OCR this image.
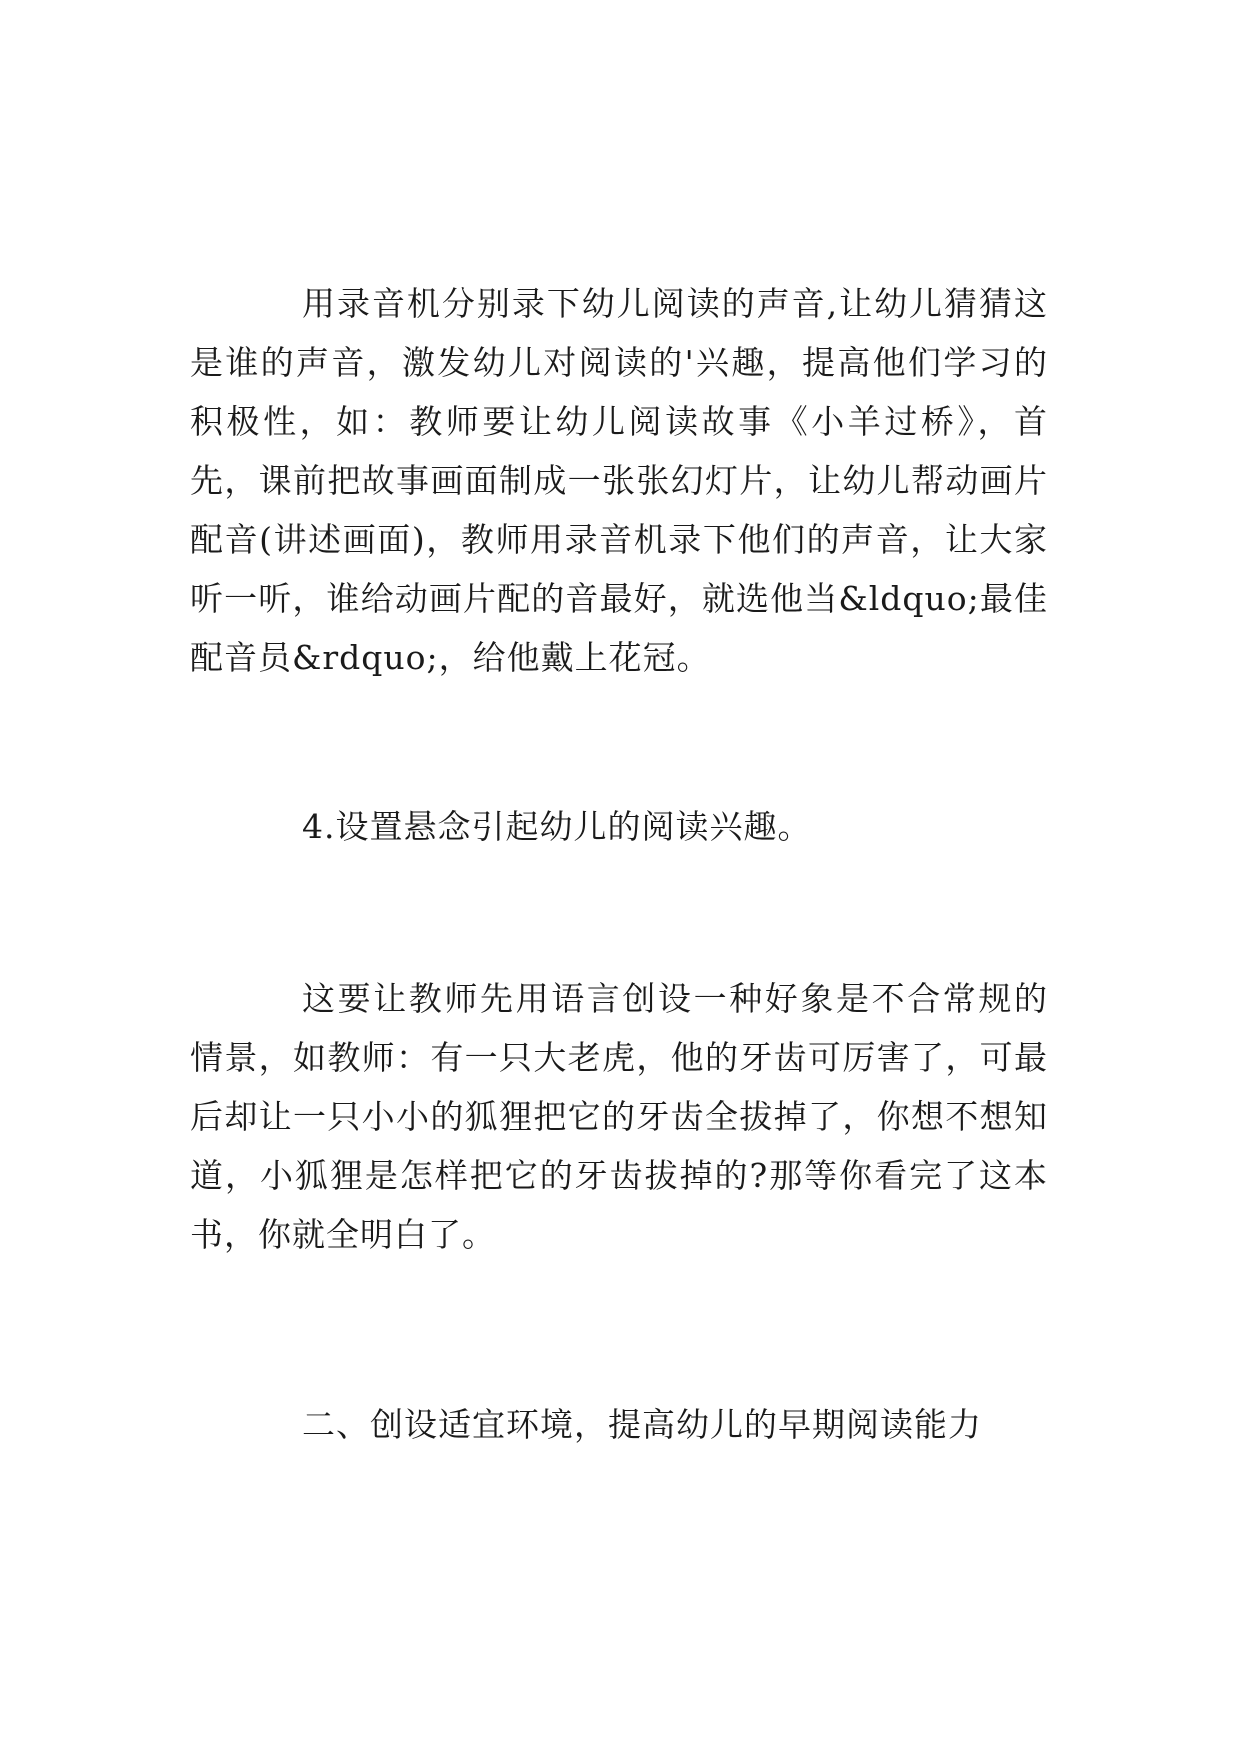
用录音机分别录下幼儿阅读的声音,让幼儿猜猜这是谁的声音，激发幼儿对阅读的'兴趣，提高他们学习的积极性，如：教师要让幼儿阅读故事《小羊过桥》，首先，课前把故事画面制成一张张幻灯片，让幼儿帮动画片配音(讲述画面)，教师用录音机录下他们的声音，让大家听一听，谁给动画片配的音最好，就选他当&ldquo;最佳配音员&rdquo;，给他戴上花冠。

4.设置悬念引起幼儿的阅读兴趣。

这要让教师先用语言创设一种好象是不合常规的情景，如教师：有一只大老虎，他的牙齿可厉害了，可最后却让一只小小的狐狸把它的牙齿全拔掉了，你想不想知道，小狐狸是怎样把它的牙齿拔掉的?那等你看完了这本书，你就全明白了。

二、创设适宜环境，提高幼儿的早期阅读能力
